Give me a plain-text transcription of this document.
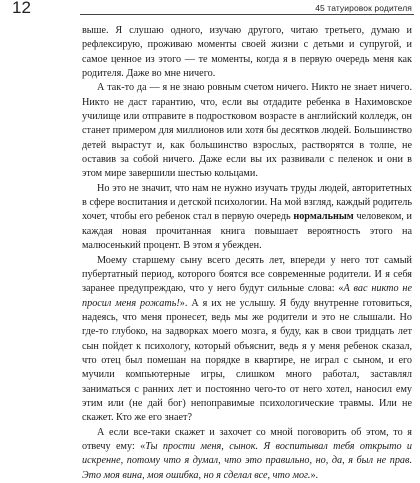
12	45 татуировок родителя

выше. Я слушаю одного, изучаю другого, читаю третьего, думаю и рефлексирую, проживаю моменты своей жизни с детьми и супругой, и самое ценное из этого — те моменты, когда я в первую очередь меня как родителя. Даже во мне ничего.

А так-то да — я не знаю ровным счетом ничего. Никто не знает ничего. Никто не даст гарантию, что, если вы отдадите ребенка в Нахимовское училище или отправите в подростковом возрасте в английский колледж, он станет примером для миллионов или хотя бы десятков людей. Большинство детей вырастут и, как большинство взрослых, растворятся в толпе, не оставив за собой ничего. Даже если вы их развивали с пеленок и они в этом мире завершили шестью кольцами.

Но это не значит, что нам не нужно изучать труды людей, авторитетных в сфере воспитания и детской психологии. На мой взгляд, каждый родитель хочет, чтобы его ребенок стал в первую очередь нормальным человеком, и каждая новая прочитанная книга повышает вероятность этого на малюсенький процент. В этом я убежден.

Моему старшему сыну всего десять лет, впереди у него тот самый пубертатный период, которого боятся все современные родители. И я себя заранее предупреждаю, что у него будут сильные слова: «А вас никто не просил меня рожать!». А я их не услышу. Я буду внутренне готовиться, надеясь, что меня пронесет, ведь мы же родители и это не слышали. Но где-то глубоко, на задворках моего мозга, я буду, как в свои тридцать лет сын пойдет к психологу, который объяснит, ведь я у меня ребенок сказал, что отец был помешан на порядке в квартире, не играл с сыном, и его мучили компьютерные игры, слишком много работал, заставлял заниматься с ранних лет и постоянно чего-то от него хотел, наносил ему этим или (не дай бог) непоправимые психологические травмы. Или не скажет. Кто же его знает?

А если все-таки скажет и захочет со мной поговорить об этом, то я отвечу ему: «Ты прости меня, сынок. Я воспитывал тебя открыто и искренне, потому что я думал, что это правильно, но, да, я был не прав. Это моя вина, моя ошибка, но я сделал все, что мог.».
